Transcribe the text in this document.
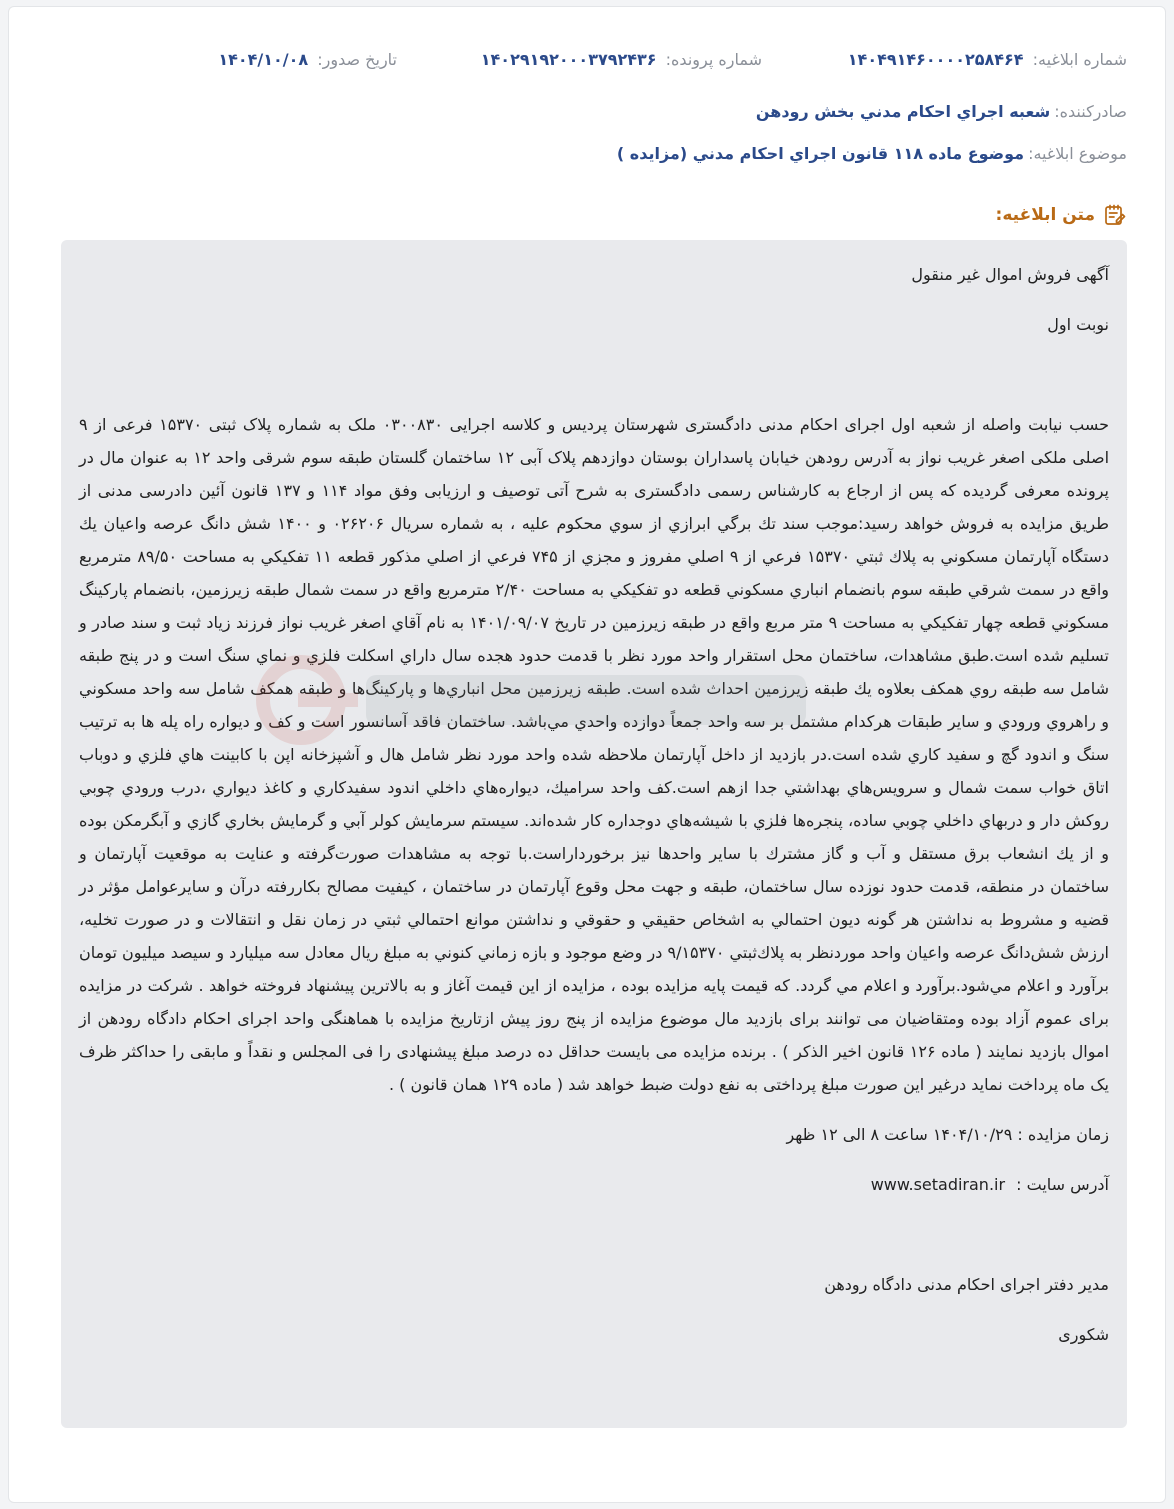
شماره ابلاغیه: ۱۴۰۴۹۱۴۶۰۰۰۰۲۵۸۴۶۴
شماره پرونده: ۱۴۰۲۹۱۹۲۰۰۰۳۷۹۲۴۳۶
تاریخ صدور: ۱۴۰۴/۱۰/۰۸
صادرکننده:
شعبه اجراي احكام مدني بخش رودهن
موضوع ابلاغیه:
موضوع ماده ۱۱۸ قانون اجراي احكام مدني (مزايده )
متن ابلاغیه:

آگهی فروش اموال غیر منقول

نوبت اول

حسب نیابت واصله از شعبه اول اجرای احکام مدنی دادگستری شهرستان پردیس و کلاسه اجرایی ۰۳۰۰۸۳۰ ملک به شماره پلاک ثبتی ۱۵۳۷۰ فرعی از ۹ اصلی ملکی اصغر غریب نواز به آدرس رودهن خیابان پاسداران بوستان دوازدهم پلاک آبی ۱۲ ساختمان گلستان طبقه سوم شرقی واحد ۱۲ به عنوان مال در پرونده معرفی گردیده که پس از ارجاع به کارشناس رسمی دادگستری به شرح آتی توصیف و ارزیابی وفق مواد ۱۱۴ و ۱۳۷ قانون آئین دادرسی مدنی از طریق مزایده به فروش خواهد رسید:موجب سند تك برگي ابرازي از سوي محكوم عليه ، به شماره سريال ۰۲۶۲۰۶ و ۱۴۰۰ شش دانگ عرصه واعيان يك دستگاه آپارتمان مسكوني به پلاك ثبتي ۱۵۳۷۰ فرعي از ۹ اصلي مفروز و مجزي از ۷۴۵ فرعي از اصلي مذكور قطعه ۱۱ تفكيكي به مساحت ۸۹/۵۰ مترمربع واقع در سمت شرقي طبقه سوم بانضمام انباري مسكوني قطعه دو تفكيكي به مساحت ۲/۴۰ مترمربع واقع در سمت شمال طبقه زيرزمين، بانضمام پاركينگ مسكوني قطعه چهار تفكيكي به مساحت ۹ متر مربع واقع در طبقه زيرزمين در تاريخ ۱۴۰۱/۰۹/۰۷ به نام آقاي اصغر غريب نواز فرزند زياد ثبت و سند صادر و تسليم شده است.طبق مشاهدات، ساختمان محل استقرار واحد مورد نظر با قدمت حدود هجده سال داراي اسكلت فلزي و نماي سنگ است و در پنج طبقه شامل سه طبقه روي همكف بعلاوه يك طبقه زيرزمين احداث شده است. طبقه زيرزمين محل انباري‌ها و پاركينگ‌ها و طبقه همكف شامل سه واحد مسكوني و راهروي ورودي و ساير طبقات هركدام مشتمل بر سه واحد جمعاً دوازده واحدي مي‌باشد. ساختمان فاقد آسانسور است و كف و ديواره راه پله ها به ترتيب سنگ و اندود گچ و سفيد كاري شده است.در بازديد از داخل آپارتمان ملاحظه شده واحد مورد نظر شامل هال و آشپزخانه اپن با كابينت هاي فلزي و دوباب اتاق خواب سمت شمال و سرويس‌هاي بهداشتي جدا ازهم است.كف واحد سراميك، ديواره‌هاي داخلي اندود سفيدكاري و كاغذ ديواري ،درب ورودي چوبي روكش دار و دربهاي داخلي چوبي ساده، پنجره‌ها فلزي با شيشه‌هاي دوجداره كار شده‌اند. سيستم سرمايش كولر آبي و گرمايش بخاري گازي و آبگرمكن بوده و از يك انشعاب برق مستقل و آب و گاز مشترك با ساير واحدها نيز برخورداراست.با توجه به مشاهدات صورت‌گرفته و عنايت به موقعيت آپارتمان و ساختمان در منطقه، قدمت حدود نوزده سال ساختمان، طبقه و جهت محل وقوع آپارتمان در ساختمان ، كيفيت مصالح بكاررفته درآن و سايرعوامل مؤثر در قضيه و مشروط به نداشتن هر گونه ديون احتمالي به اشخاص حقيقي و حقوقي و نداشتن موانع احتمالي ثبتي در زمان نقل و انتقالات و در صورت تخليه، ارزش شش‌دانگ عرصه واعيان واحد موردنظر به پلاك‌ثبتي ۹/۱۵۳۷۰ در وضع موجود و بازه زماني كنوني به مبلغ ريال معادل سه ميليارد و سيصد ميليون تومان برآورد و اعلام مي‌شود.برآورد و اعلام مي گردد. كه قيمت پايه مزايده بوده ، مزايده از اين قيمت آغاز و به بالاترين پيشنهاد فروخته خواهد . شرکت در مزایده برای عموم آزاد بوده ومتقاضیان می توانند برای بازدید مال موضوع مزایده از پنج روز پیش ازتاریخ مزایده با هماهنگی واحد اجرای احکام دادگاه رودهن از اموال بازدید نمایند ( ماده ۱۲۶ قانون اخیر الذکر ) . برنده مزایده می بایست حداقل ده درصد مبلغ پیشنهادی را فی المجلس و نقداً و مابقی را حداکثر ظرف یک ماه پرداخت نماید درغیر این صورت مبلغ پرداختی به نفع دولت ضبط خواهد شد ( ماده ۱۲۹ همان قانون ) .

زمان مزایده : ۱۴۰۴/۱۰/۲۹ ساعت ۸ الی ۱۲ ظهر

آدرس سایت : www.setadiran.ir

مدیر دفتر اجرای احکام مدنی دادگاه رودهن

شکوری
